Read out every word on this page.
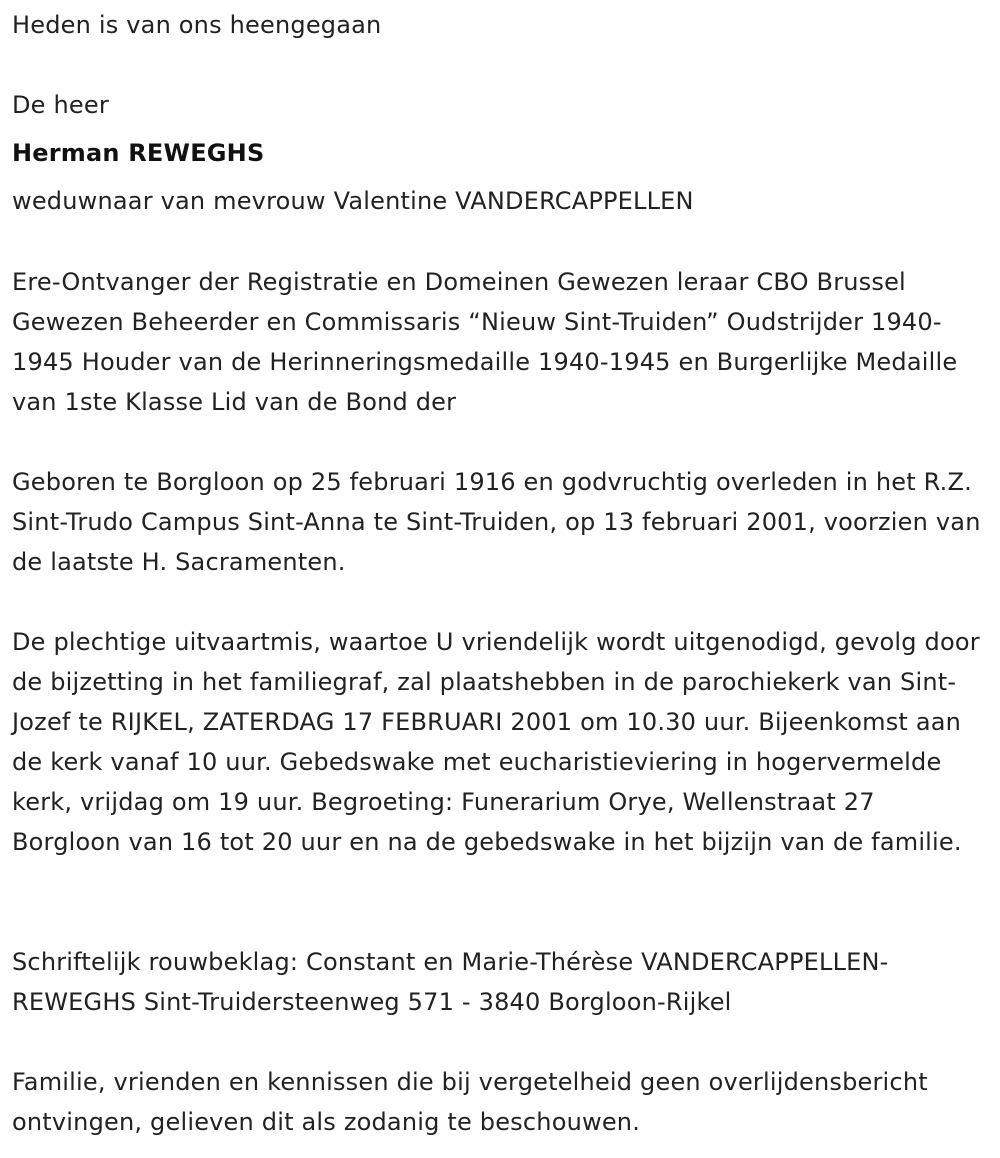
Heden is van ons heengegaan
De heer
Herman REWEGHS
weduwnaar van mevrouw Valentine VANDERCAPPELLEN

Ere-Ontvanger der Registratie en Domeinen Gewezen leraar CBO Brussel Gewezen Beheerder en Commissaris “Nieuw Sint-Truiden” Oudstrijder 1940-1945 Houder van de Herinneringsmedaille 1940-1945 en Burgerlijke Medaille van 1ste Klasse Lid van de Bond der

Geboren te Borgloon op 25 februari 1916 en godvruchtig overleden in het R.Z. Sint-Trudo Campus Sint-Anna te Sint-Truiden, op 13 februari 2001, voorzien van de laatste H. Sacramenten.

De plechtige uitvaartmis, waartoe U vriendelijk wordt uitgenodigd, gevolg door de bijzetting in het familiegraf, zal plaatshebben in de parochiekerk van Sint-Jozef te RIJKEL, ZATERDAG 17 FEBRUARI 2001 om 10.30 uur. Bijeenkomst aan de kerk vanaf 10 uur. Gebedswake met eucharistieviering in hogervermelde kerk, vrijdag om 19 uur. Begroeting: Funerarium Orye, Wellenstraat 27 Borgloon van 16 tot 20 uur en na de gebedswake in het bijzijn van de familie.

Schriftelijk rouwbeklag: Constant en Marie-Thérèse VANDERCAPPELLEN-REWEGHS Sint-Truidersteenweg 571 - 3840 Borgloon-Rijkel

Familie, vrienden en kennissen die bij vergetelheid geen overlijdensbericht ontvingen, gelieven dit als zodanig te beschouwen.
